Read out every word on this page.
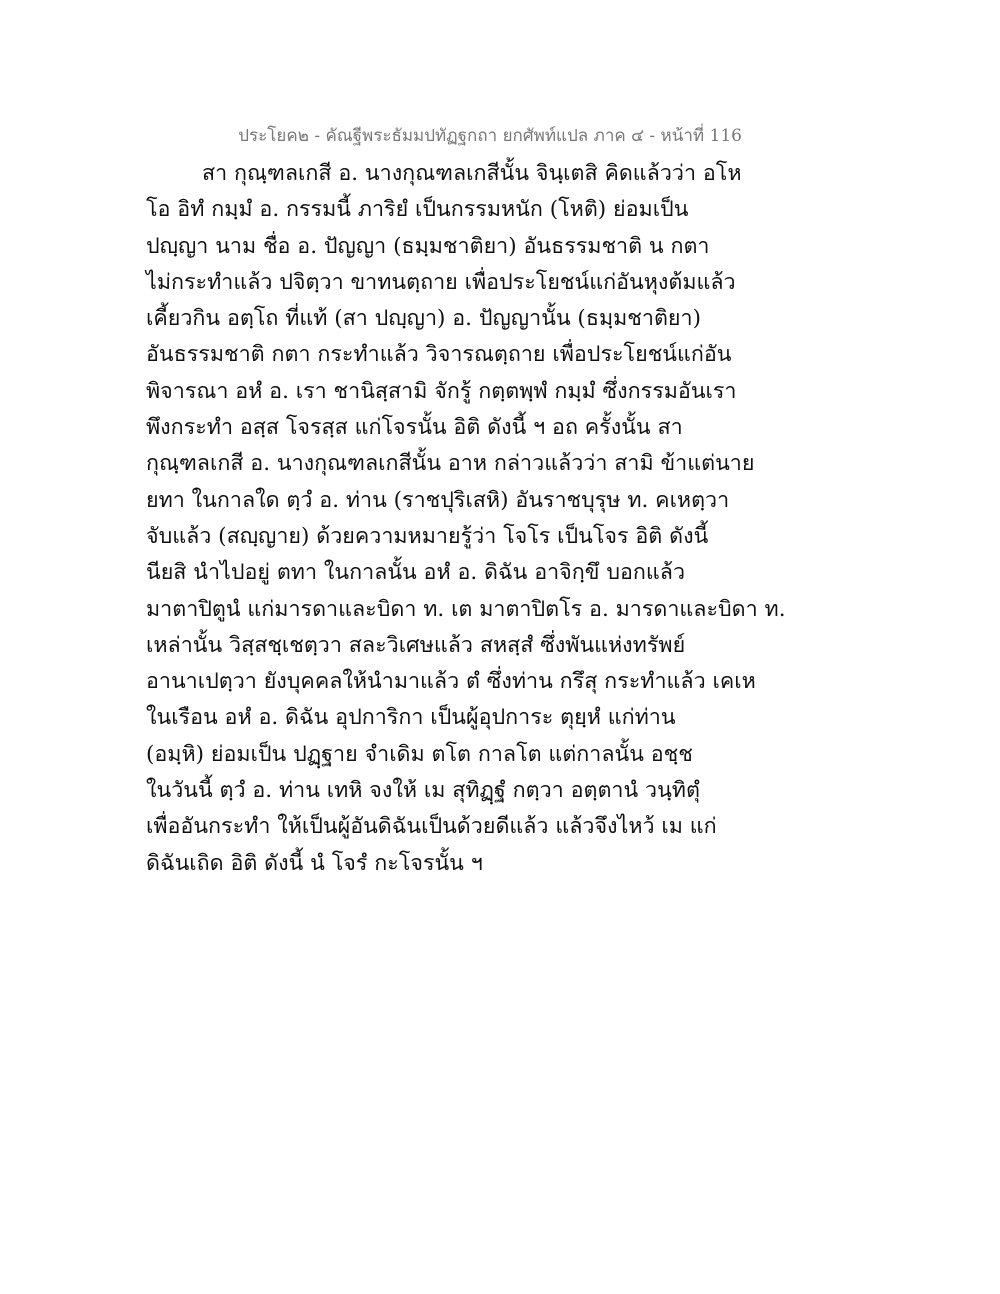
ประโยค๒ - คัณฐีพระธัมมปทัฏฐกถา ยกศัพท์แปล ภาค ๔ - หน้าที่ 116
สา กุณฺฑลเกสี อ. นางกุณฑลเกสีนั้น จินฺเตสิ คิดแล้วว่า อโห
โอ อิทํ กมฺมํ อ. กรรมนี้ ภาริยํ เป็นกรรมหนัก (โหติ) ย่อมเป็น
ปญฺญา นาม ชื่อ อ. ปัญญา (ธมฺมชาติยา) อันธรรมชาติ น กตา
ไม่กระทำแล้ว ปจิตฺวา ขาทนตฺถาย เพื่อประโยชน์แก่อันหุงต้มแล้ว
เคี้ยวกิน อตฺโถ ที่แท้ (สา ปญฺญา) อ. ปัญญานั้น (ธมฺมชาติยา)
อันธรรมชาติ กตา กระทำแล้ว วิจารณตฺถาย เพื่อประโยชน์แก่อัน
พิจารณา อหํ อ. เรา ชานิสฺสามิ จักรู้ กตฺตพฺพํ กมฺมํ ซึ่งกรรมอันเรา
พึงกระทำ อสฺส โจรสฺส แก่โจรนั้น อิติ ดังนี้ ฯ อถ ครั้งนั้น สา
กุณฺฑลเกสี อ. นางกุณฑลเกสีนั้น อาห กล่าวแล้วว่า สามิ ข้าแต่นาย
ยทา ในกาลใด ตฺวํ อ. ท่าน (ราชปุริเสหิ) อันราชบุรุษ ท. คเหตฺวา
จับแล้ว (สญฺญาย) ด้วยความหมายรู้ว่า โจโร เป็นโจร อิติ ดังนี้
นียสิ นำไปอยู่ ตทา ในกาลนั้น อหํ อ. ดิฉัน อาจิกฺขึ บอกแล้ว
มาตาปิตูนํ แก่มารดาและบิดา ท. เต มาตาปิตโร อ. มารดาและบิดา ท.
เหล่านั้น วิสฺสชฺเชตฺวา สละวิเศษแล้ว สหสฺสํ ซึ่งพันแห่งทรัพย์
อานาเปตฺวา ยังบุคคลให้นำมาแล้ว ตํ ซึ่งท่าน กรึสุ กระทำแล้ว เคเห
ในเรือน อหํ อ. ดิฉัน อุปการิกา เป็นผู้อุปการะ ตุยฺหํ แก่ท่าน
(อมฺหิ) ย่อมเป็น ปฏฺฐาย จำเดิม ตโต กาลโต แต่กาลนั้น อชฺช
ในวันนี้ ตฺวํ อ. ท่าน เทหิ จงให้ เม สุทิฏฺฐํ กตฺวา อตฺตานํ วนฺทิตุํ
เพื่ออันกระทำ ให้เป็นผู้อันดิฉันเป็นด้วยดีแล้ว แล้วจึงไหว้ เม แก่
ดิฉันเถิด อิติ ดังนี้ นํ โจรํ กะโจรนั้น ฯ
